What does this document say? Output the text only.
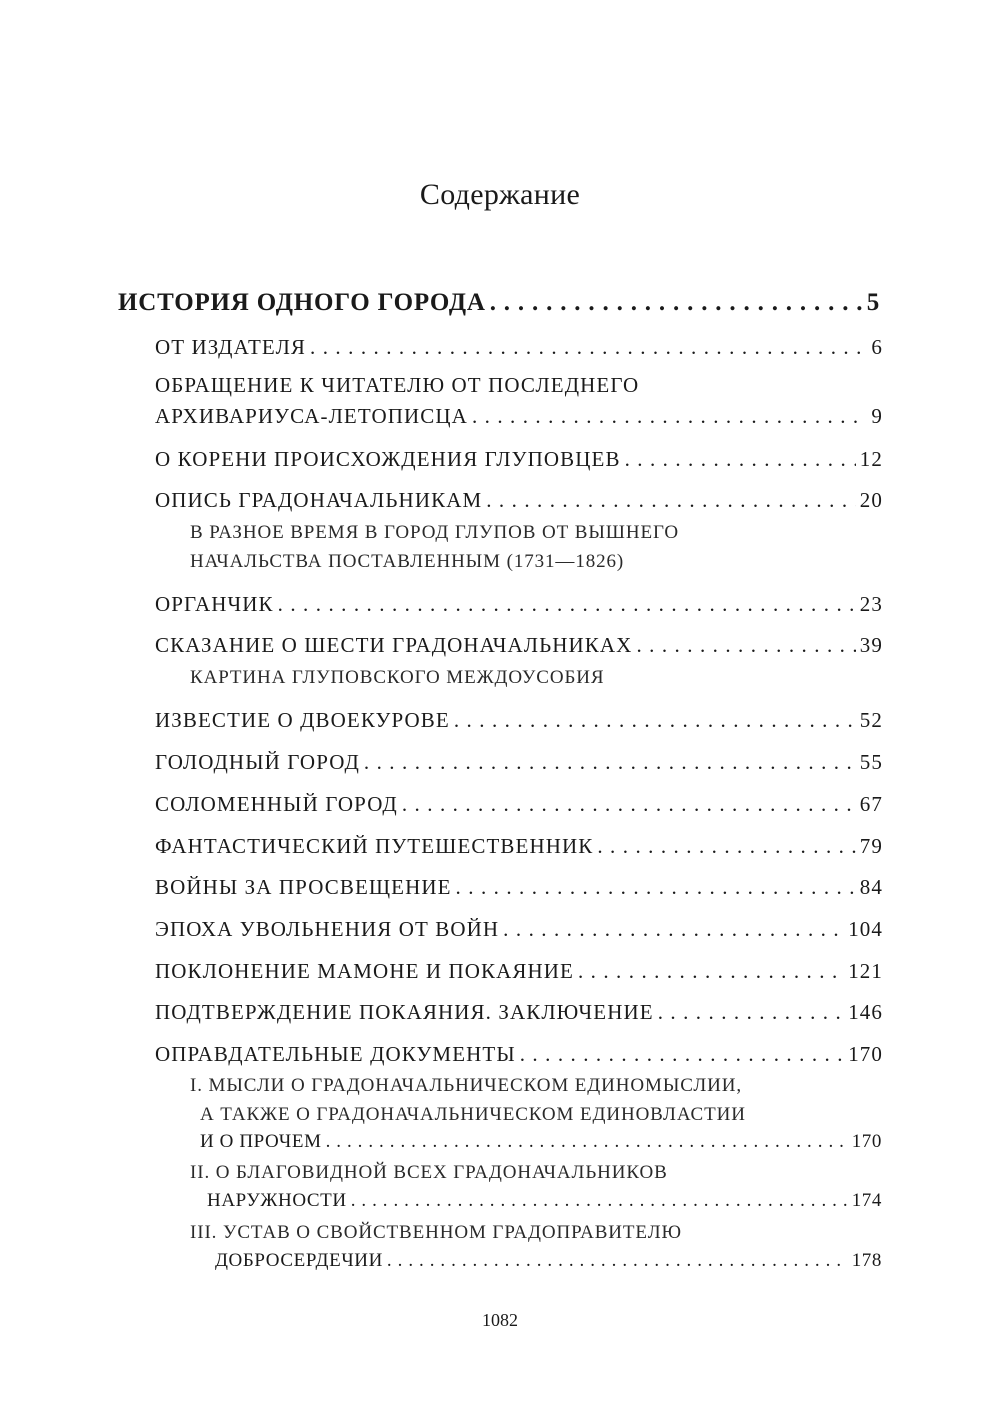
Содержание
ИСТОРИЯ ОДНОГО ГОРОДА . . .	5
ОТ ИЗДАТЕЛЯ . . .	6
ОБРАЩЕНИЕ К ЧИТАТЕЛЮ ОТ ПОСЛЕДНЕГО
АРХИВАРИУСА-ЛЕТОПИСЦА . . .	9
О КОРЕНИ ПРОИСХОЖДЕНИЯ ГЛУПОВЦЕВ . . .	12
ОПИСЬ ГРАДОНАЧАЛЬНИКАМ . . .	20
В РАЗНОЕ ВРЕМЯ В ГОРОД ГЛУПОВ ОТ ВЫШНЕГО
НАЧАЛЬСТВА ПОСТАВЛЕННЫМ (1731—1826)
ОРГАНЧИК . . .	23
СКАЗАНИЕ О ШЕСТИ ГРАДОНАЧАЛЬНИКАХ . . .	39
КАРТИНА ГЛУПОВСКОГО МЕЖДОУСОБИЯ
ИЗВЕСТИЕ О ДВОЕКУРОВЕ . . .	52
ГОЛОДНЫЙ ГОРОД . . .	55
СОЛОМЕННЫЙ ГОРОД . . .	67
ФАНТАСТИЧЕСКИЙ ПУТЕШЕСТВЕННИК . . .	79
ВОЙНЫ ЗА ПРОСВЕЩЕНИЕ . . .	84
ЭПОХА УВОЛЬНЕНИЯ ОТ ВОЙН . . .	104
ПОКЛОНЕНИЕ МАМОНЕ И ПОКАЯНИЕ . . .	121
ПОДТВЕРЖДЕНИЕ ПОКАЯНИЯ. ЗАКЛЮЧЕНИЕ . . .	146
ОПРАВДАТЕЛЬНЫЕ ДОКУМЕНТЫ . . .	170
I. МЫСЛИ О ГРАДОНАЧАЛЬНИЧЕСКОМ ЕДИНОМЫСЛИИ,
А ТАКЖЕ О ГРАДОНАЧАЛЬНИЧЕСКОМ ЕДИНОВЛАСТИИ
И О ПРОЧЕМ . . .	170
II. О БЛАГОВИДНОЙ ВСЕХ ГРАДОНАЧАЛЬНИКОВ
НАРУЖНОСТИ . . .	174
III. УСТАВ О СВОЙСТВЕННОМ ГРАДОПРАВИТЕЛЮ
ДОБРОСЕРДЕЧИИ . . .	178
1082
